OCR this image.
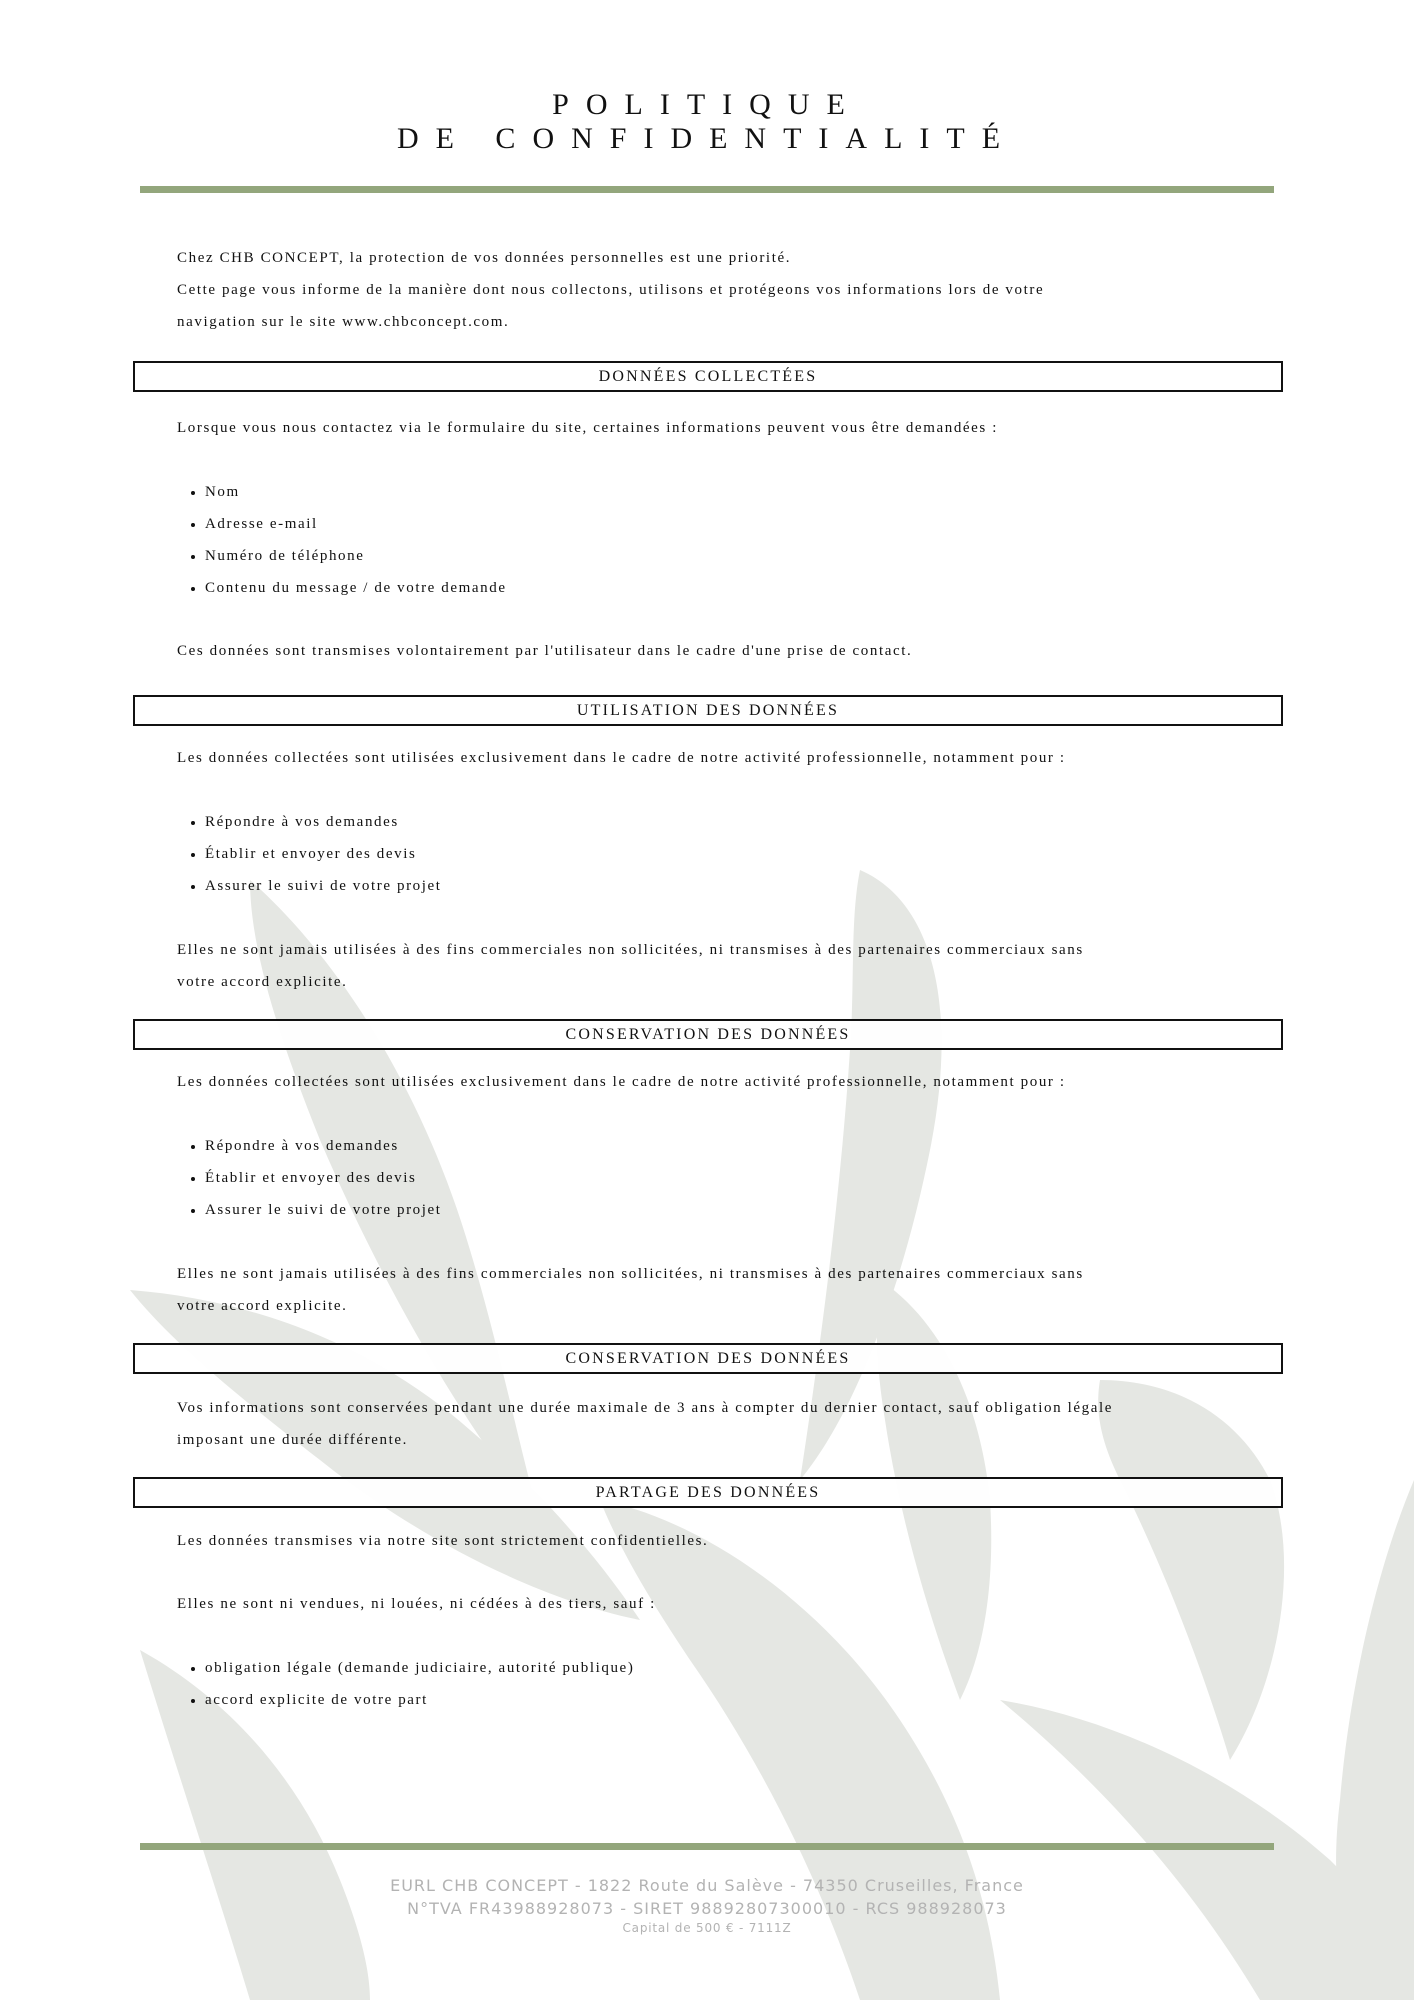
POLITIQUE
DE CONFIDENTIALITÉ
Chez CHB CONCEPT, la protection de vos données personnelles est une priorité.
Cette page vous informe de la manière dont nous collectons, utilisons et protégeons vos informations lors de votre
navigation sur le site www.chbconcept.com.
DONNÉES COLLECTÉES
Lorsque vous nous contactez via le formulaire du site, certaines informations peuvent vous être demandées :
Nom
Adresse e-mail
Numéro de téléphone
Contenu du message / de votre demande
Ces données sont transmises volontairement par l'utilisateur dans le cadre d'une prise de contact.
UTILISATION DES DONNÉES
Les données collectées sont utilisées exclusivement dans le cadre de notre activité professionnelle, notamment pour :
Répondre à vos demandes
Établir et envoyer des devis
Assurer le suivi de votre projet
Elles ne sont jamais utilisées à des fins commerciales non sollicitées, ni transmises à des partenaires commerciaux sans
votre accord explicite.
CONSERVATION DES DONNÉES
Les données collectées sont utilisées exclusivement dans le cadre de notre activité professionnelle, notamment pour :
Répondre à vos demandes
Établir et envoyer des devis
Assurer le suivi de votre projet
Elles ne sont jamais utilisées à des fins commerciales non sollicitées, ni transmises à des partenaires commerciaux sans
votre accord explicite.
CONSERVATION DES DONNÉES
Vos informations sont conservées pendant une durée maximale de 3 ans à compter du dernier contact, sauf obligation légale
imposant une durée différente.
PARTAGE DES DONNÉES
Les données transmises via notre site sont strictement confidentielles.
Elles ne sont ni vendues, ni louées, ni cédées à des tiers, sauf :
obligation légale (demande judiciaire, autorité publique)
accord explicite de votre part
EURL CHB CONCEPT - 1822 Route du Salève - 74350 Cruseilles, France
N°TVA FR43988928073 - SIRET 98892807300010 - RCS 988928073
Capital de 500 € - 7111Z
